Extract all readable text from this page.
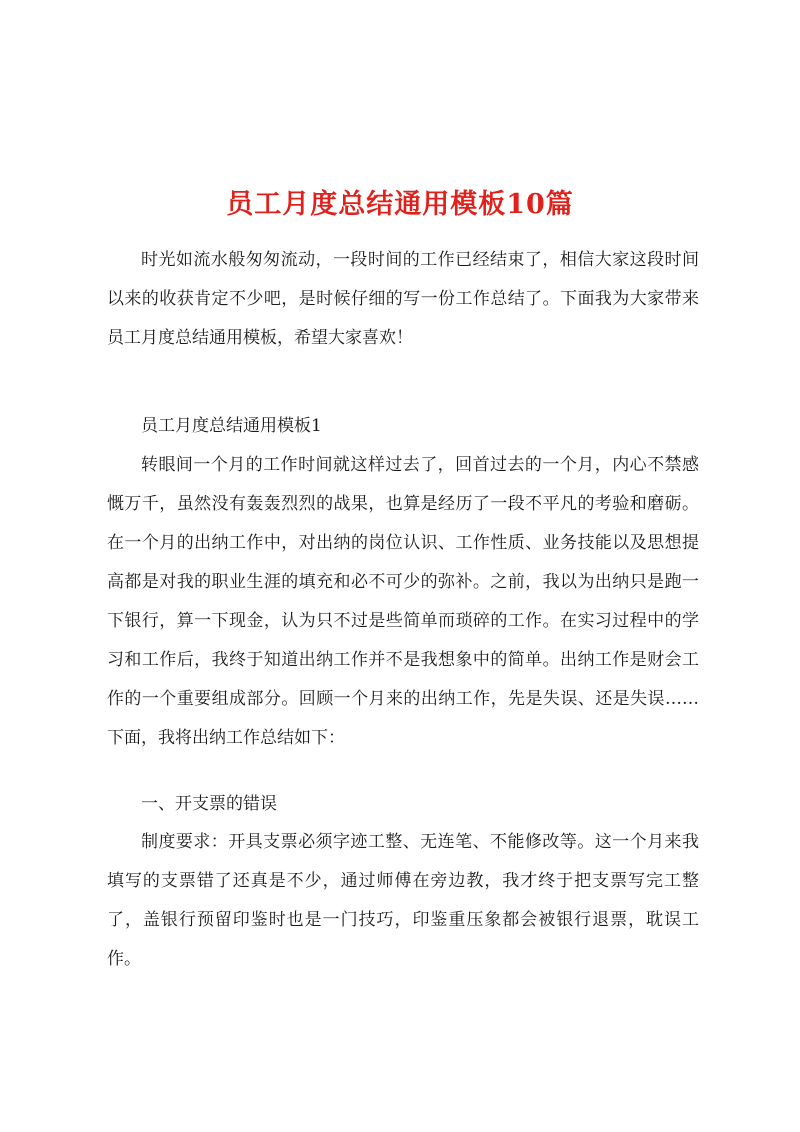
员工月度总结通用模板10篇

时光如流水般匆匆流动，一段时间的工作已经结束了，相信大家这段时间以来的收获肯定不少吧，是时候仔细的写一份工作总结了。下面我为大家带来员工月度总结通用模板，希望大家喜欢！

员工月度总结通用模板1

转眼间一个月的工作时间就这样过去了，回首过去的一个月，内心不禁感慨万千，虽然没有轰轰烈烈的战果，也算是经历了一段不平凡的考验和磨砺。在一个月的出纳工作中，对出纳的岗位认识、工作性质、业务技能以及思想提高都是对我的职业生涯的填充和必不可少的弥补。之前，我以为出纳只是跑一下银行，算一下现金，认为只不过是些简单而琐碎的工作。在实习过程中的学习和工作后，我终于知道出纳工作并不是我想象中的简单。出纳工作是财会工作的一个重要组成部分。回顾一个月来的出纳工作，先是失误、还是失误……下面，我将出纳工作总结如下：

一、开支票的错误

制度要求：开具支票必须字迹工整、无连笔、不能修改等。这一个月来我填写的支票错了还真是不少，通过师傅在旁边教，我才终于把支票写完工整了，盖银行预留印鉴时也是一门技巧，印鉴重压象都会被银行退票，耽误工作。
